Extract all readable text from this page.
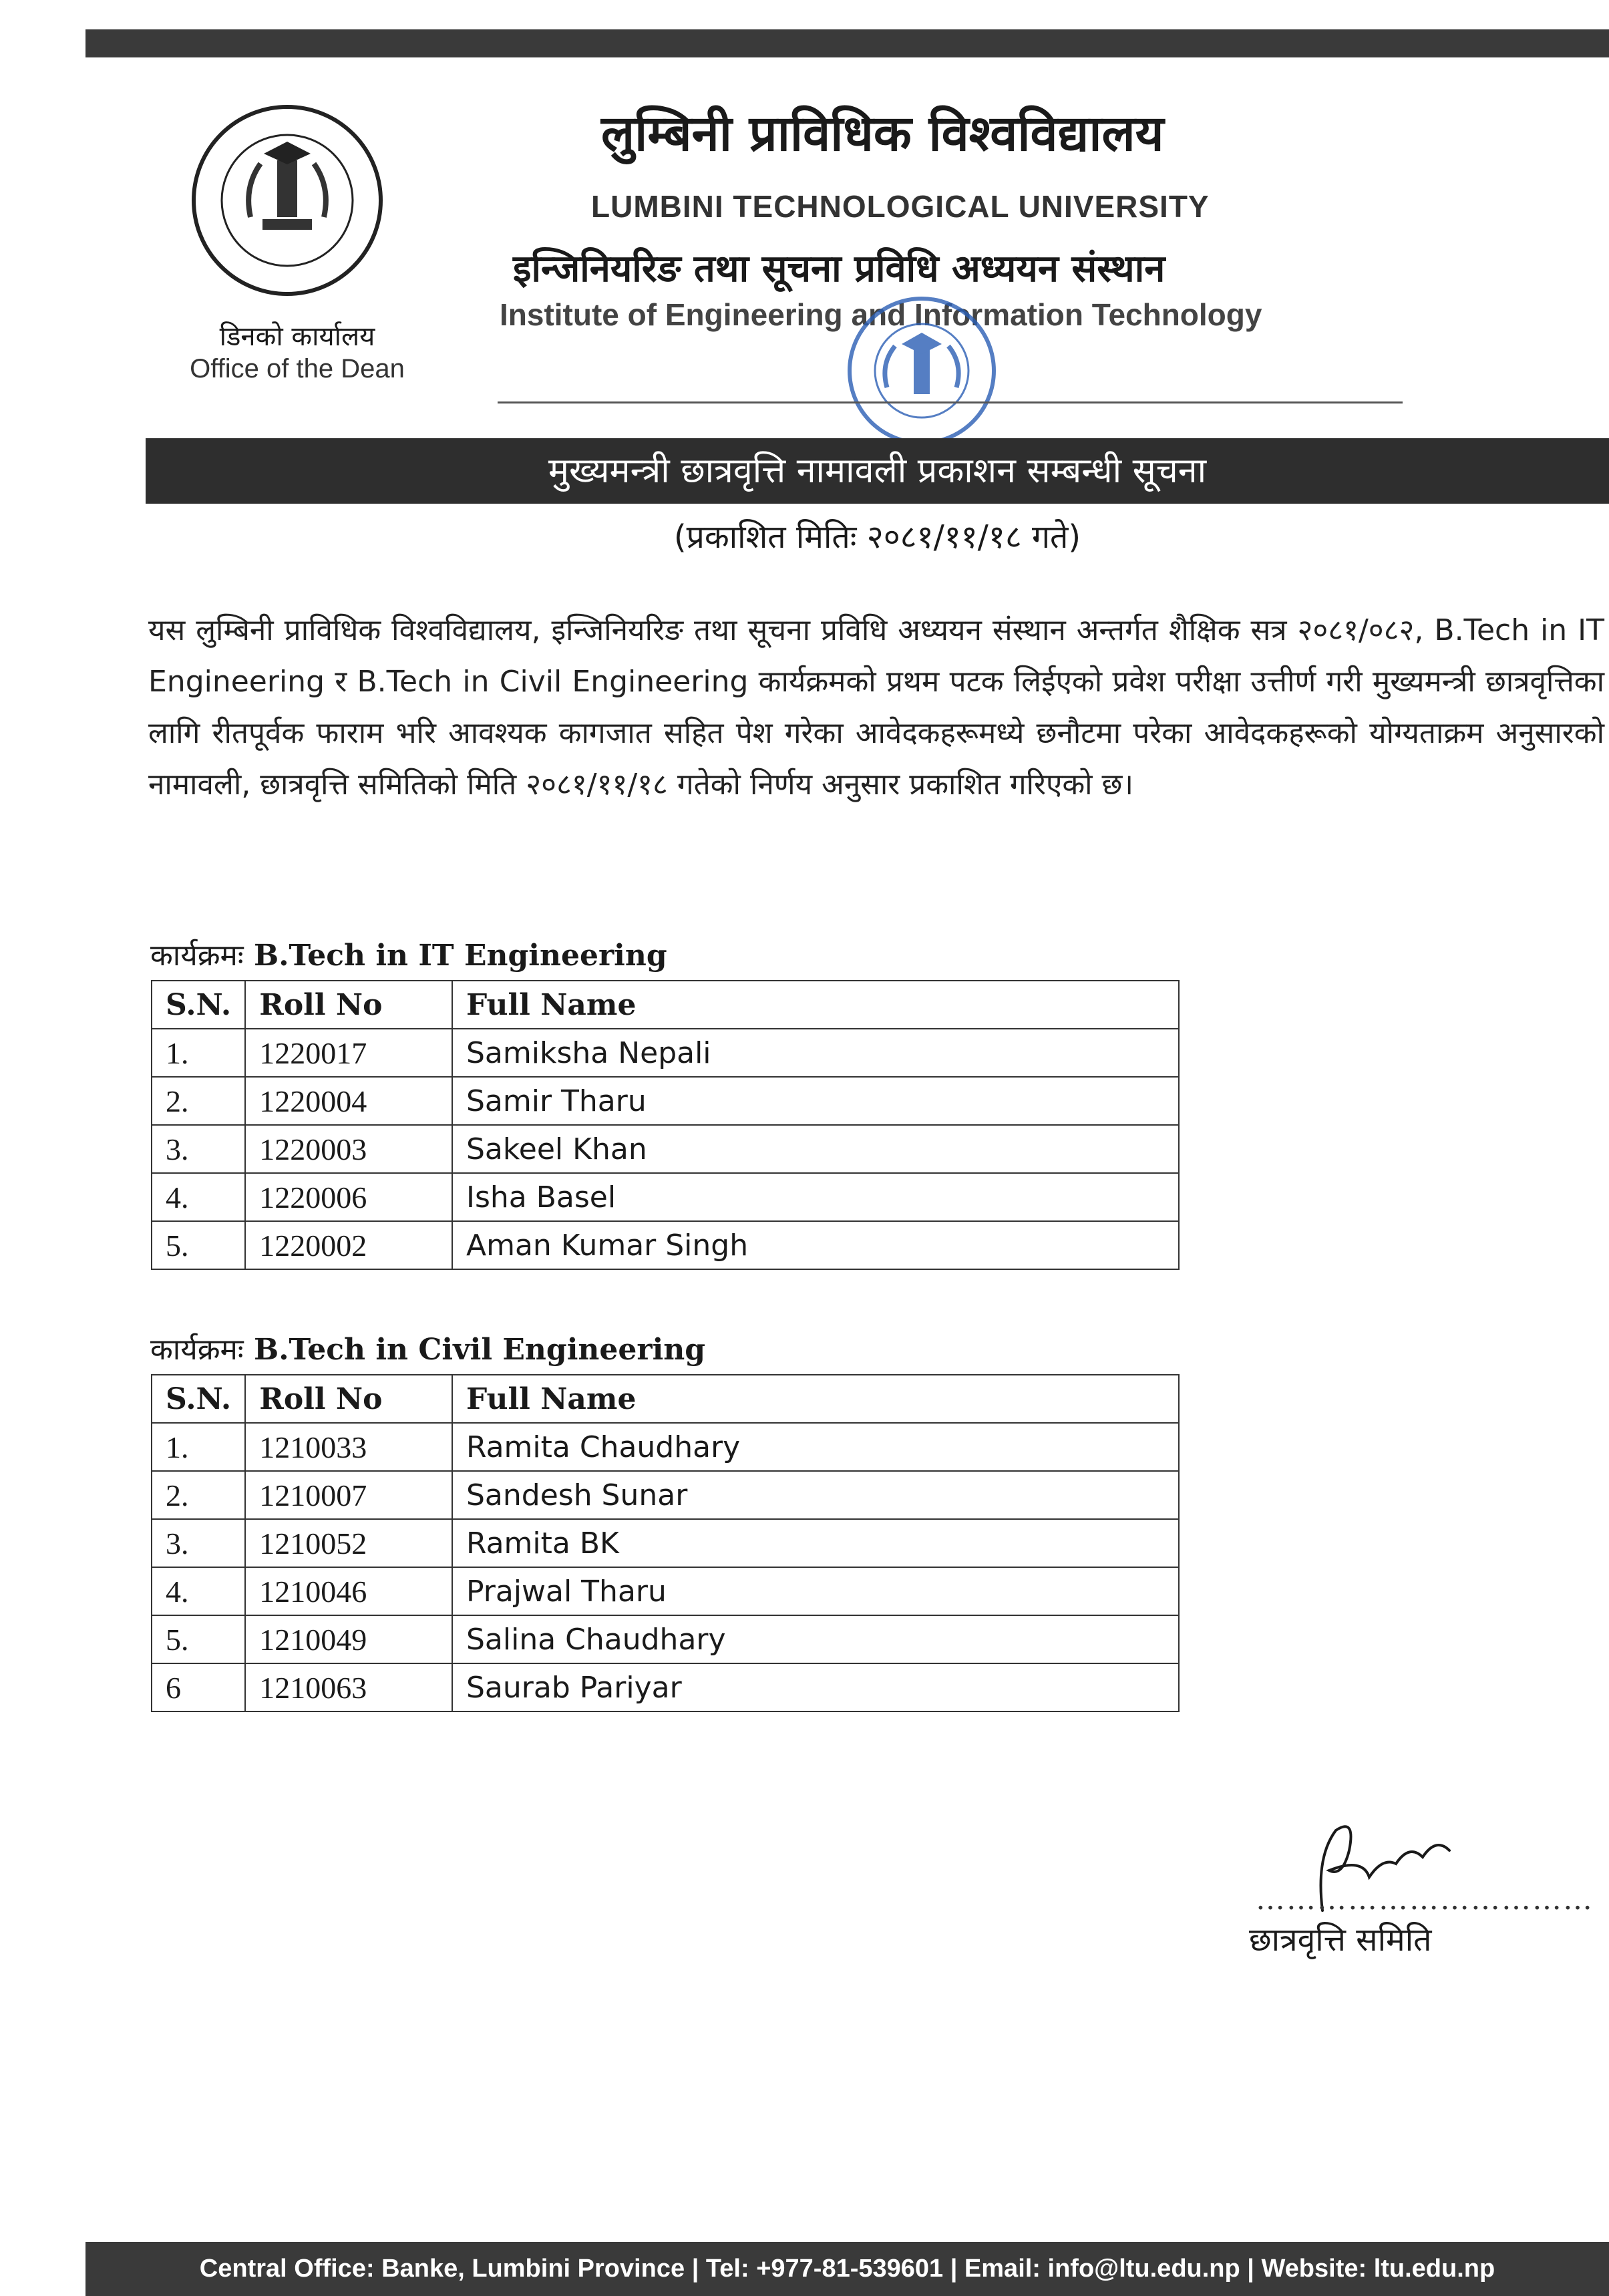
डिनको कार्यालय
Office of the Dean
लुम्बिनी प्राविधिक विश्वविद्यालय
LUMBINI TECHNOLOGICAL UNIVERSITY
इन्जिनियरिङ तथा सूचना प्रविधि अध्ययन संस्थान
Institute of Engineering and Information Technology
मुख्यमन्त्री छात्रवृत्ति नामावली प्रकाशन सम्बन्धी सूचना
(प्रकाशित मितिः २०८१/११/१८ गते)
यस लुम्बिनी प्राविधिक विश्वविद्यालय, इन्जिनियरिङ तथा सूचना प्रविधि अध्ययन संस्थान अन्तर्गत शैक्षिक सत्र २०८१/०८२, B.Tech in IT Engineering र B.Tech in Civil Engineering कार्यक्रमको प्रथम पटक लिईएको प्रवेश परीक्षा उत्तीर्ण गरी मुख्यमन्त्री छात्रवृत्तिका लागि रीतपूर्वक फाराम भरि आवश्यक कागजात सहित पेश गरेका आवेदकहरूमध्ये छनौटमा परेका आवेदकहरूको योग्यताक्रम अनुसारको नामावली, छात्रवृत्ति समितिको मिति २०८१/११/१८ गतेको निर्णय अनुसार प्रकाशित गरिएको छ।
कार्यक्रमः B.Tech in IT Engineering
S.N.	Roll No	Full Name
1.	1220017	Samiksha Nepali
2.	1220004	Samir Tharu
3.	1220003	Sakeel Khan
4.	1220006	Isha Basel
5.	1220002	Aman Kumar Singh
कार्यक्रमः B.Tech in Civil Engineering
S.N.	Roll No	Full Name
1.	1210033	Ramita Chaudhary
2.	1210007	Sandesh Sunar
3.	1210052	Ramita BK
4.	1210046	Prajwal Tharu
5.	1210049	Salina Chaudhary
6	1210063	Saurab Pariyar
……………………………
छात्रवृत्ति समिति
Central Office: Banke, Lumbini Province | Tel: +977-81-539601 | Email: info@ltu.edu.np | Website: ltu.edu.np
